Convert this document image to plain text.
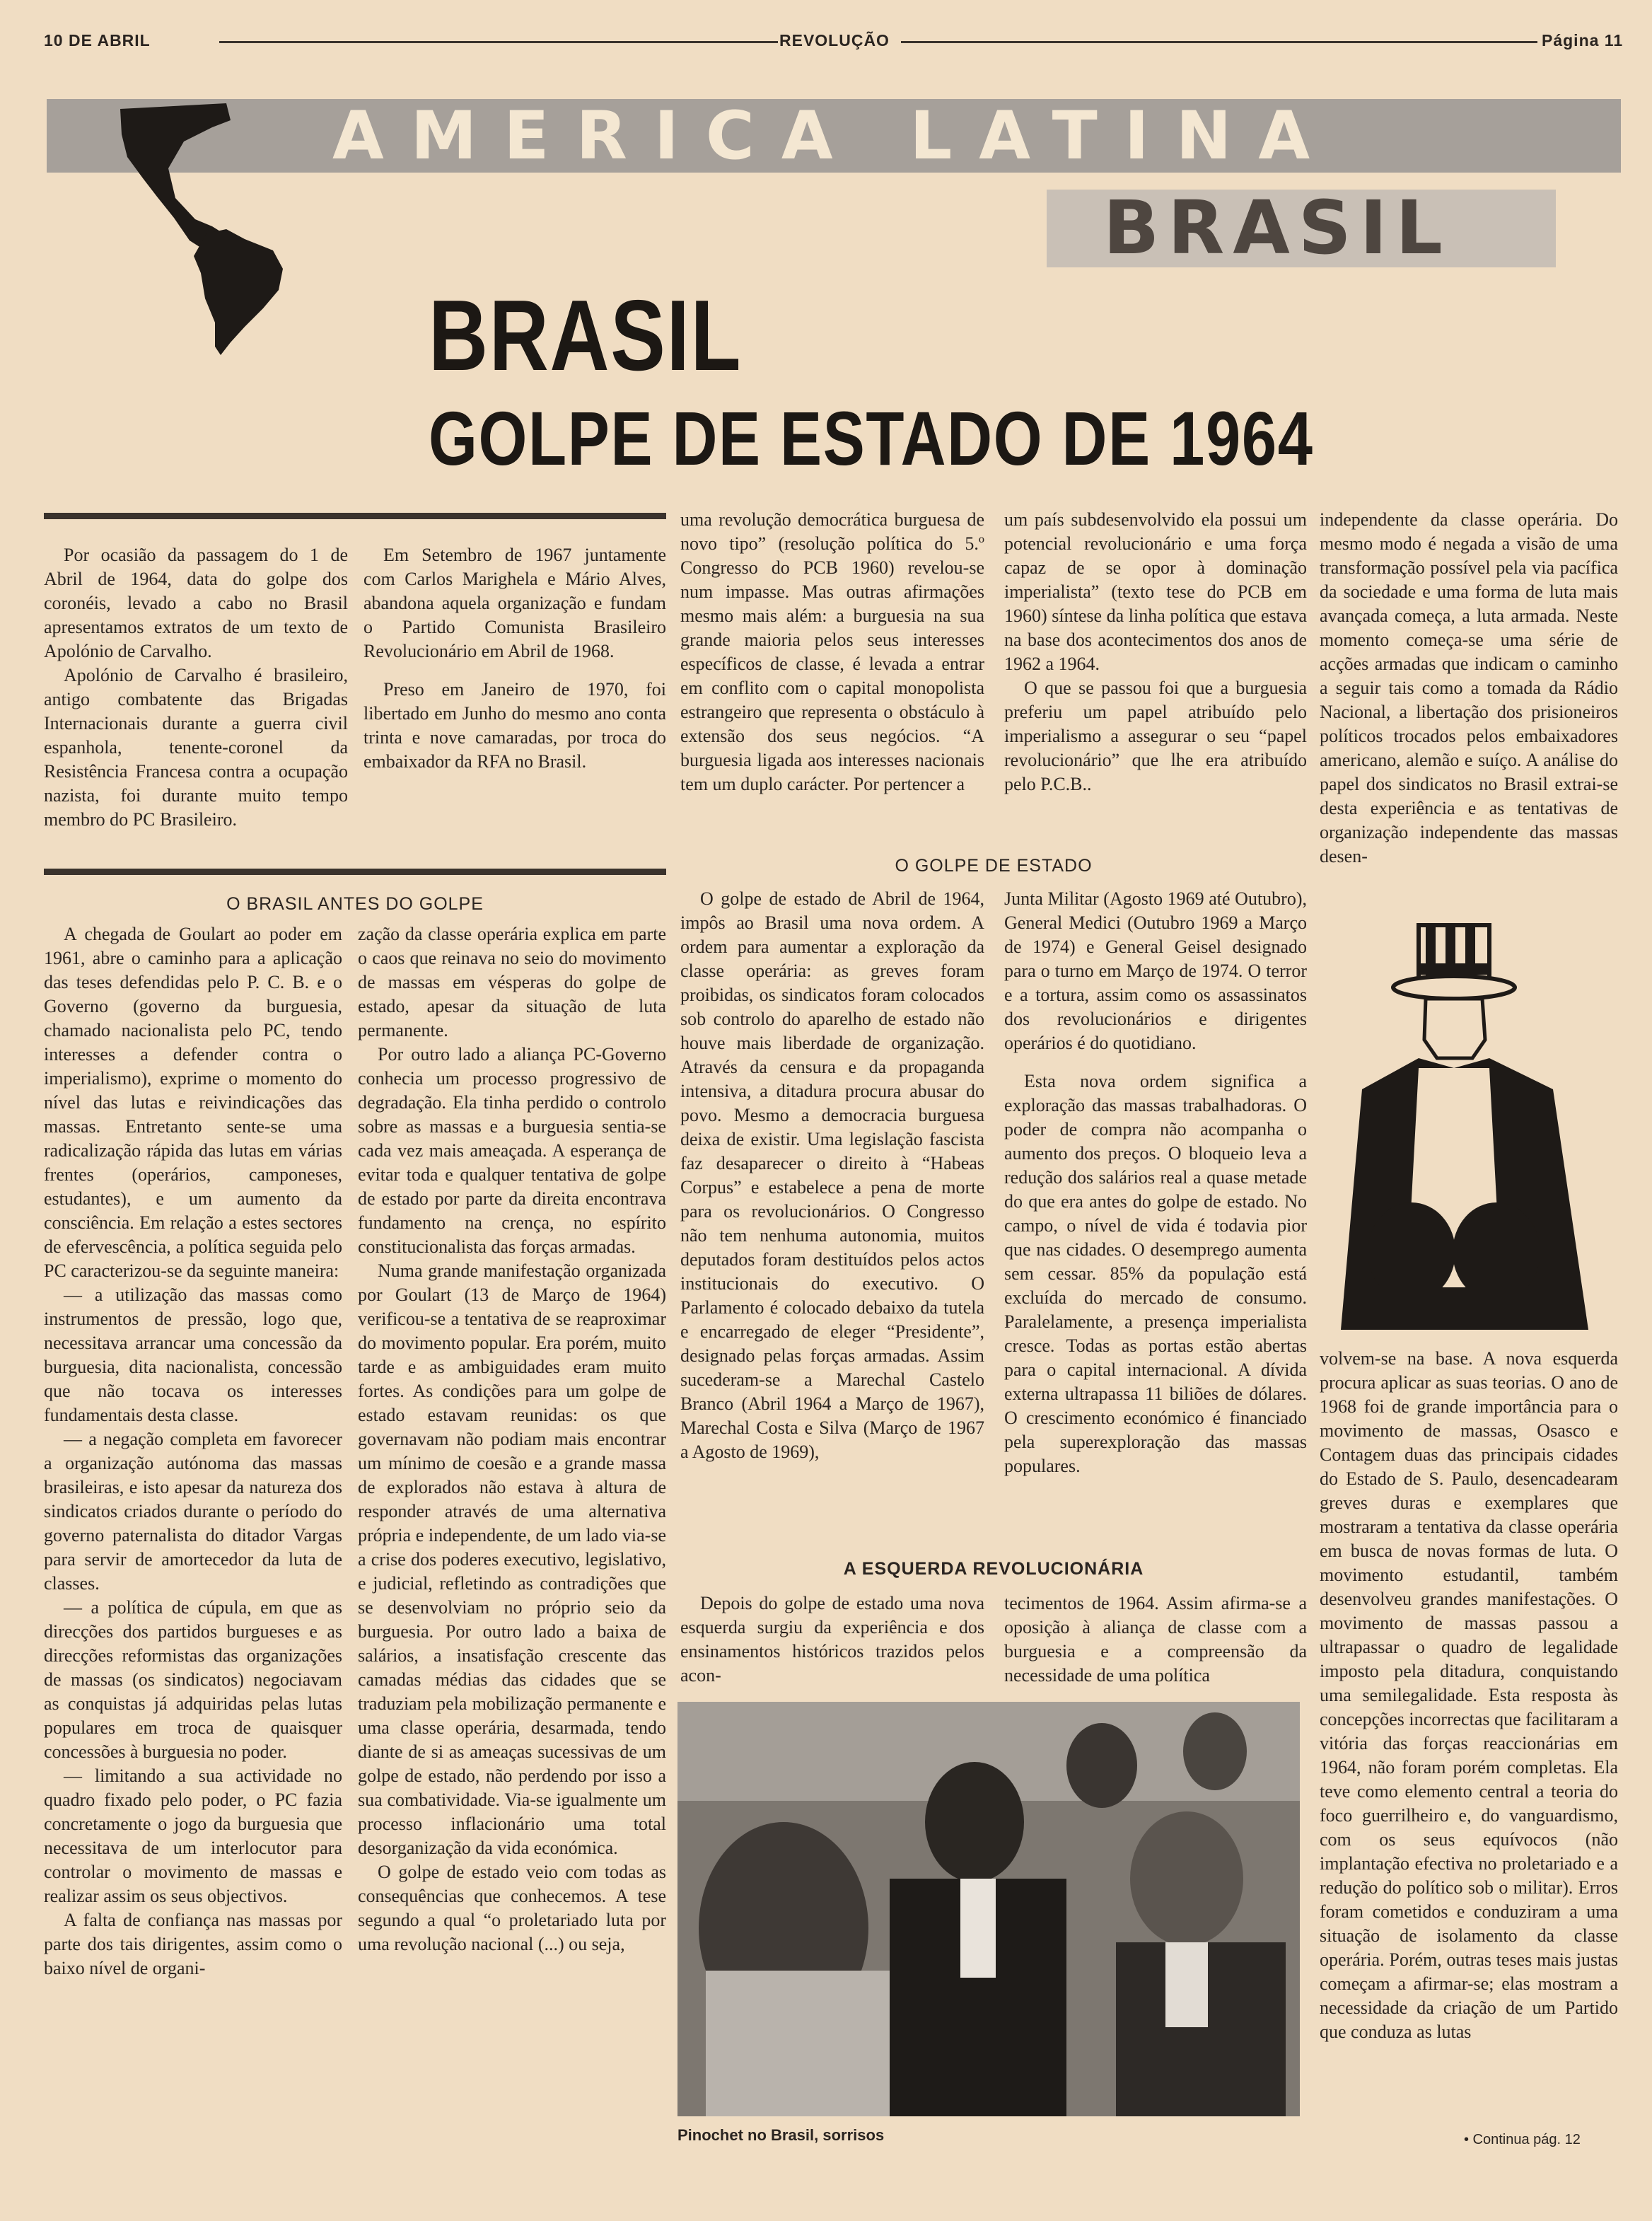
10 DE ABRIL	REVOLUÇÃO	Página 11
AMERICA LATINA
BRASIL
BRASIL
GOLPE DE ESTADO DE 1964

Por ocasião da passagem do 1 de Abril de 1964, data do golpe dos coronéis, levado a cabo no Brasil apresentamos extratos de um texto de Apolónio de Carvalho.

Apolónio de Carvalho é brasileiro, antigo combatente das Brigadas Internacionais durante a guerra civil espanhola, tenente-coronel da Resistência Francesa contra a ocupação nazista, foi durante muito tempo membro do PC Brasileiro.

Em Setembro de 1967 juntamente com Carlos Marighela e Mário Alves, abandona aquela organização e fundam o Partido Comunista Brasileiro Revolucionário em Abril de 1968.

Preso em Janeiro de 1970, foi libertado em Junho do mesmo ano conta trinta e nove camaradas, por troca do embaixador da RFA no Brasil.

O BRASIL ANTES DO GOLPE

A chegada de Goulart ao poder em 1961, abre o caminho para a aplicação das teses defendidas pelo P. C. B. e o Governo (governo da burguesia, chamado nacionalista pelo PC, tendo interesses a defender contra o imperialismo), exprime o momento do nível das lutas e reivindicações das massas. Entretanto sente-se uma radicalização rápida das lutas em várias frentes (operários, camponeses, estudantes), e um aumento da consciência. Em relação a estes sectores de efervescência, a política seguida pelo PC caracterizou-se da seguinte maneira:

— a utilização das massas como instrumentos de pressão, logo que, necessitava arrancar uma concessão da burguesia, dita nacionalista, concessão que não tocava os interesses fundamentais desta classe.

— a negação completa em favorecer a organização autónoma das massas brasileiras, e isto apesar da natureza dos sindicatos criados durante o período do governo paternalista do ditador Vargas para servir de amortecedor da luta de classes.

— a política de cúpula, em que as direcções dos partidos burgueses e as direcções reformistas das organizações de massas (os sindicatos) negociavam as conquistas já adquiridas pelas lutas populares em troca de quaisquer concessões à burguesia no poder.

— limitando a sua actividade no quadro fixado pelo poder, o PC fazia concretamente o jogo da burguesia que necessitava de um interlocutor para controlar o movimento de massas e realizar assim os seus objectivos.

A falta de confiança nas massas por parte dos tais dirigentes, assim como o baixo nível de organi-

zação da classe operária explica em parte o caos que reinava no seio do movimento de massas em vésperas do golpe de estado, apesar da situação de luta permanente.

Por outro lado a aliança PC-Governo conhecia um processo progressivo de degradação. Ela tinha perdido o controlo sobre as massas e a burguesia sentia-se cada vez mais ameaçada. A esperança de evitar toda e qualquer tentativa de golpe de estado por parte da direita encontrava fundamento na crença, no espírito constitucionalista das forças armadas.

Numa grande manifestação organizada por Goulart (13 de Março de 1964) verificou-se a tentativa de se reaproximar do movimento popular. Era porém, muito tarde e as ambiguidades eram muito fortes. As condições para um golpe de estado estavam reunidas: os que governavam não podiam mais encontrar um mínimo de coesão e a grande massa de explorados não estava à altura de responder através de uma alternativa própria e independente, de um lado via-se a crise dos poderes executivo, legislativo, e judicial, refletindo as contradições que se desenvolviam no próprio seio da burguesia. Por outro lado a baixa de salários, a insatisfação crescente das camadas médias das cidades que se traduziam pela mobilização permanente e uma classe operária, desarmada, tendo diante de si as ameaças sucessivas de um golpe de estado, não perdendo por isso a sua combatividade. Via-se igualmente um processo inflacionário uma total desorganização da vida económica.

O golpe de estado veio com todas as consequências que conhecemos. A tese segundo a qual “o proletariado luta por uma revolução nacional (...) ou seja,

uma revolução democrática burguesa de novo tipo” (resolução política do 5.º Congresso do PCB 1960) revelou-se num impasse. Mas outras afirmações mesmo mais além: a burguesia na sua grande maioria pelos seus interesses específicos de classe, é levada a entrar em conflito com o capital monopolista estrangeiro que representa o obstáculo à extensão dos seus negócios. “A burguesia ligada aos interesses nacionais tem um duplo carácter. Por pertencer a

um país subdesenvolvido ela possui um potencial revolucionário e uma força capaz de se opor à dominação imperialista” (texto tese do PCB em 1960) síntese da linha política que estava na base dos acontecimentos dos anos de 1962 a 1964.

O que se passou foi que a burguesia preferiu um papel atribuído pelo imperialismo a assegurar o seu “papel revolucionário” que lhe era atribuído pelo P.C.B..

O GOLPE DE ESTADO

O golpe de estado de Abril de 1964, impôs ao Brasil uma nova ordem. A ordem para aumentar a exploração da classe operária: as greves foram proibidas, os sindicatos foram colocados sob controlo do aparelho de estado não houve mais liberdade de organização. Através da censura e da propaganda intensiva, a ditadura procura abusar do povo. Mesmo a democracia burguesa deixa de existir. Uma legislação fascista faz desaparecer o direito à “Habeas Corpus” e estabelece a pena de morte para os revolucionários. O Congresso não tem nenhuma autonomia, muitos deputados foram destituídos pelos actos institucionais do executivo. O Parlamento é colocado debaixo da tutela e encarregado de eleger “Presidente”, designado pelas forças armadas. Assim sucederam-se a Marechal Castelo Branco (Abril 1964 a Março de 1967), Marechal Costa e Silva (Março de 1967 a Agosto de 1969),

Junta Militar (Agosto 1969 até Outubro), General Medici (Outubro 1969 a Março de 1974) e General Geisel designado para o turno em Março de 1974. O terror e a tortura, assim como os assassinatos dos revolucionários e dirigentes operários é do quotidiano.

Esta nova ordem significa a exploração das massas trabalhadoras. O poder de compra não acompanha o aumento dos preços. O bloqueio leva a redução dos salários real a quase metade do que era antes do golpe de estado. No campo, o nível de vida é todavia pior que nas cidades. O desemprego aumenta sem cessar. 85% da população está excluída do mercado de consumo. Paralelamente, a presença imperialista cresce. Todas as portas estão abertas para o capital internacional. A dívida externa ultrapassa 11 biliões de dólares. O crescimento económico é financiado pela superexploração das massas populares.

A ESQUERDA REVOLUCIONÁRIA

Depois do golpe de estado uma nova esquerda surgiu da experiência e dos ensinamentos históricos trazidos pelos acon-

tecimentos de 1964. Assim afirma-se a oposição à aliança de classe com a burguesia e a compreensão da necessidade de uma política

Pinochet no Brasil, sorrisos

independente da classe operária. Do mesmo modo é negada a visão de uma transformação possível pela via pacífica da sociedade e uma forma de luta mais avançada começa, a luta armada. Neste momento começa-se uma série de acções armadas que indicam o caminho a seguir tais como a tomada da Rádio Nacional, a libertação dos prisioneiros políticos trocados pelos embaixadores americano, alemão e suíço. A análise do papel dos sindicatos no Brasil extrai-se desta experiência e as tentativas de organização independente das massas desen-

volvem-se na base. A nova esquerda procura aplicar as suas teorias. O ano de 1968 foi de grande importância para o movimento de massas, Osasco e Contagem duas das principais cidades do Estado de S. Paulo, desencadearam greves duras e exemplares que mostraram a tentativa da classe operária em busca de novas formas de luta. O movimento estudantil, também desenvolveu grandes manifestações. O movimento de massas passou a ultrapassar o quadro de legalidade imposto pela ditadura, conquistando uma semilegalidade. Esta resposta às concepções incorrectas que facilitaram a vitória das forças reaccionárias em 1964, não foram porém completas. Ela teve como elemento central a teoria do foco guerrilheiro e, do vanguardismo, com os seus equívocos (não implantação efectiva no proletariado e a redução do político sob o militar). Erros foram cometidos e conduziram a uma situação de isolamento da classe operária. Porém, outras teses mais justas começam a afirmar-se; elas mostram a necessidade da criação de um Partido que conduza as lutas

• Continua pág. 12
